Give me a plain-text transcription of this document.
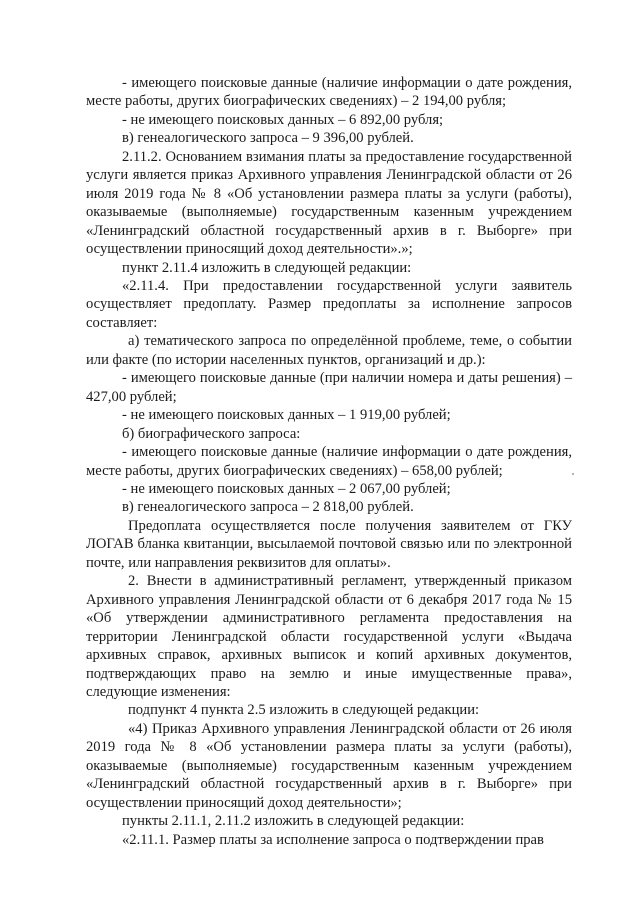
- имеющего поисковые данные (наличие информации о дате рождения, месте работы, других биографических сведениях) – 2 194,00 рубля;

- не имеющего поисковых данных – 6 892,00 рубля;

в) генеалогического запроса – 9 396,00 рублей.

2.11.2. Основанием взимания платы за предоставление государственной услуги является приказ Архивного управления Ленинградской области от 26 июля 2019 года № 8 «Об установлении размера платы за услуги (работы), оказываемые (выполняемые) государственным казенным учреждением «Ленинградский областной государственный архив в г. Выборге» при осуществлении приносящий доход деятельности».»;

пункт 2.11.4 изложить в следующей редакции:

«2.11.4. При предоставлении государственной услуги заявитель осуществляет предоплату. Размер предоплаты за исполнение запросов составляет:

а) тематического запроса по определённой проблеме, теме, о событии или факте (по истории населенных пунктов, организаций и др.):

- имеющего поисковые данные (при наличии номера и даты решения) – 427,00 рублей;

- не имеющего поисковых данных – 1 919,00 рублей;

б) биографического запроса:

- имеющего поисковые данные (наличие информации о дате рождения, месте работы, других биографических сведениях) – 658,00 рублей;

- не имеющего поисковых данных – 2 067,00 рублей;

в) генеалогического запроса – 2 818,00 рублей.

Предоплата осуществляется после получения заявителем от ГКУ ЛОГАВ бланка квитанции, высылаемой почтовой связью или по электронной почте, или направления реквизитов для оплаты».

2. Внести в административный регламент, утвержденный приказом Архивного управления Ленинградской области от 6 декабря 2017 года № 15 «Об утверждении административного регламента предоставления на территории Ленинградской области государственной услуги «Выдача архивных справок, архивных выписок и копий архивных документов, подтверждающих право на землю и иные имущественные права», следующие изменения:

подпункт 4 пункта 2.5 изложить в следующей редакции:

«4) Приказ Архивного управления Ленинградской области от 26 июля 2019 года № 8 «Об установлении размера платы за услуги (работы), оказываемые (выполняемые) государственным казенным учреждением «Ленинградский областной государственный архив в г. Выборге» при осуществлении приносящий доход деятельности»;

пункты 2.11.1, 2.11.2 изложить в следующей редакции:

«2.11.1. Размер платы за исполнение запроса о подтверждении прав
